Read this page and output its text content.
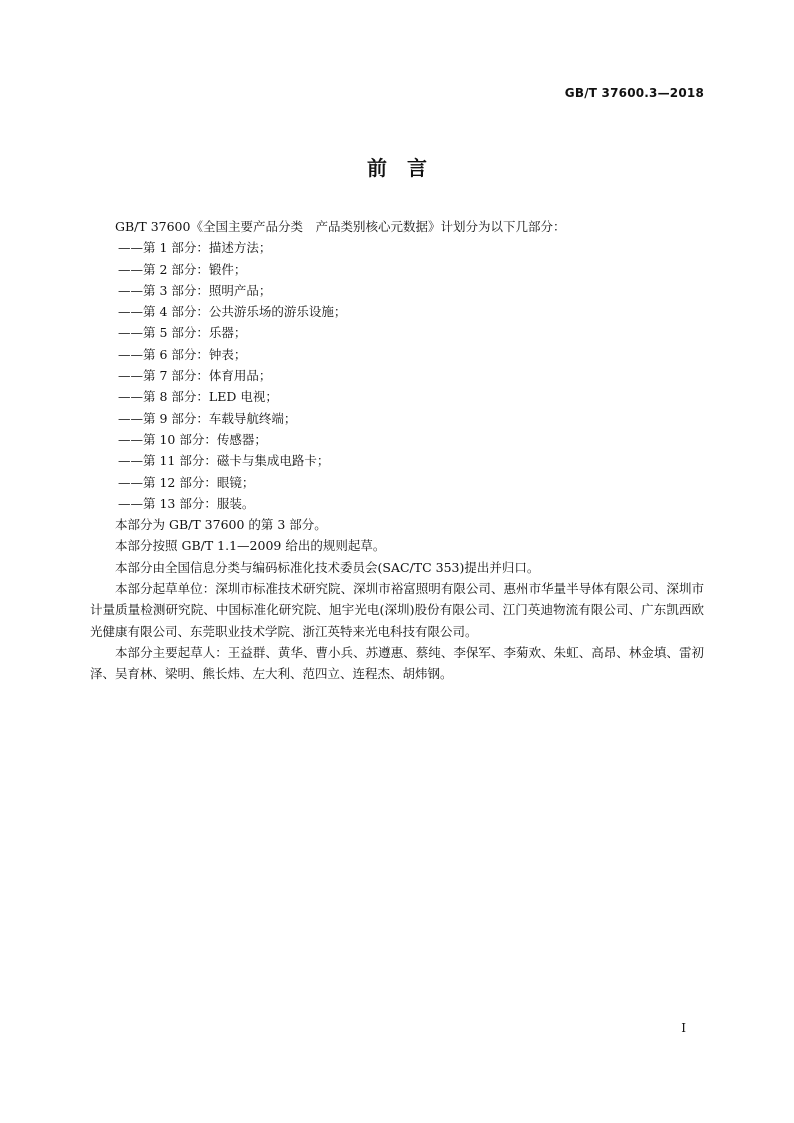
GB/T 37600.3—2018
前　言

GB/T 37600《全国主要产品分类　产品类别核心元数据》计划分为以下几部分：

——第 1 部分：描述方法；
——第 2 部分：锻件；
——第 3 部分：照明产品；
——第 4 部分：公共游乐场的游乐设施；
——第 5 部分：乐器；
——第 6 部分：钟表；
——第 7 部分：体育用品；
——第 8 部分：LED 电视；
——第 9 部分：车载导航终端；
——第 10 部分：传感器；
——第 11 部分：磁卡与集成电路卡；
——第 12 部分：眼镜；
——第 13 部分：服装。

本部分为 GB/T 37600 的第 3 部分。

本部分按照 GB/T 1.1—2009 给出的规则起草。

本部分由全国信息分类与编码标准化技术委员会(SAC/TC 353)提出并归口。

本部分起草单位：深圳市标准技术研究院、深圳市裕富照明有限公司、惠州市华量半导体有限公司、深圳市计量质量检测研究院、中国标准化研究院、旭宇光电(深圳)股份有限公司、江门英迪物流有限公司、广东凯西欧光健康有限公司、东莞职业技术学院、浙江英特来光电科技有限公司。

本部分主要起草人：王益群、黄华、曹小兵、苏遵惠、蔡纯、李保军、李菊欢、朱虹、高昂、林金填、雷初泽、吴育林、梁明、熊长炜、左大利、范四立、连程杰、胡炜钢。

I
